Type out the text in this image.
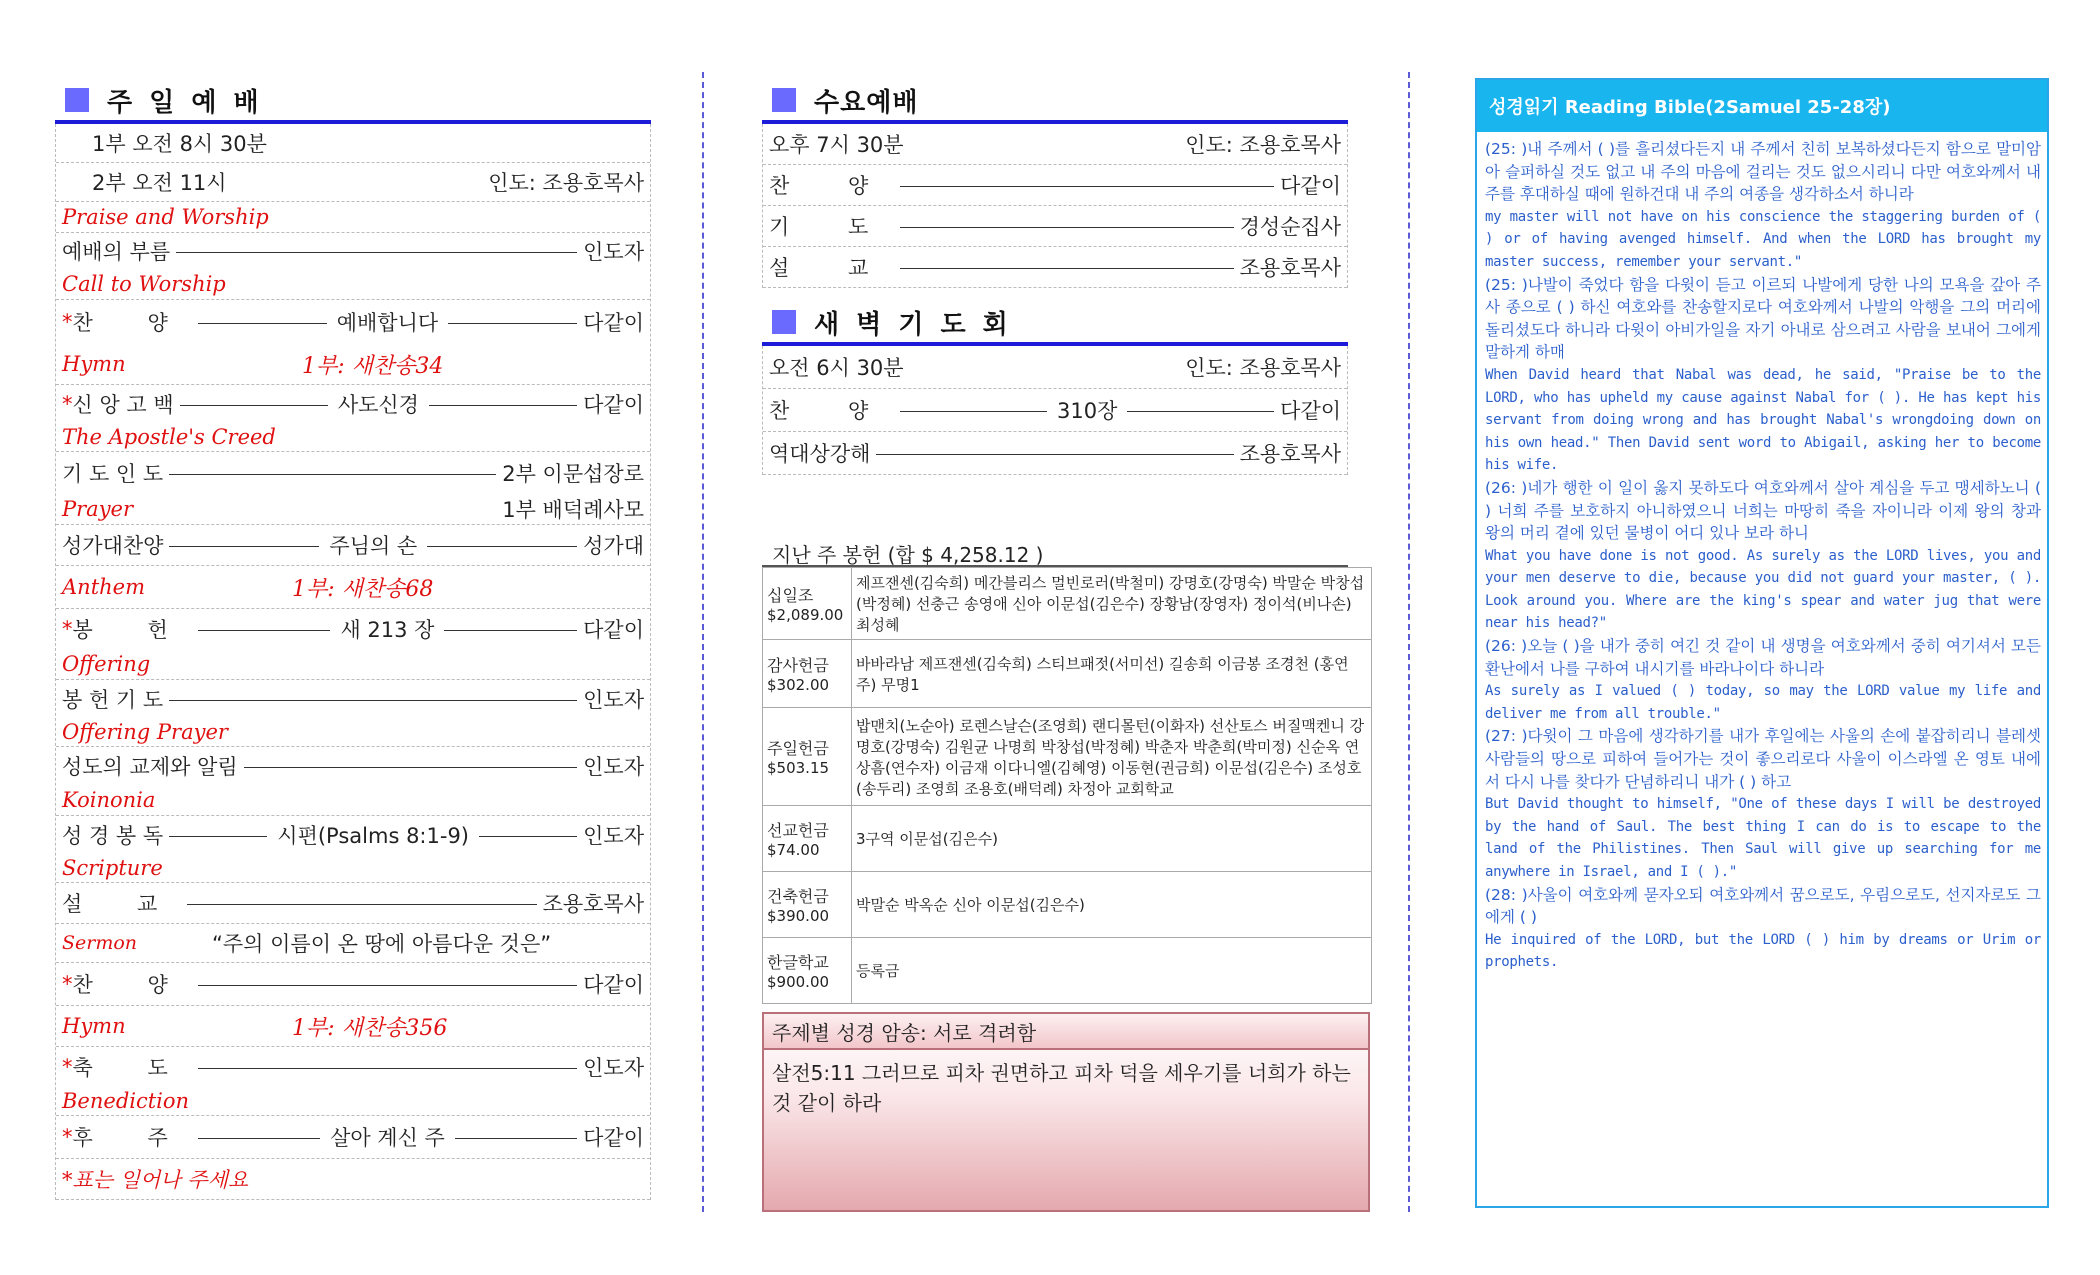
주 일 예 배
1부 오전 8시 30분
2부 오전 11시	인도: 조용호목사
Praise and Worship
예배의 부름	인도자
Call to Worship
* 찬 양	예배합니다	다같이
Hymn	1부: 새찬송34
* 신 앙 고 백	사도신경	다같이
The Apostle's Creed
기 도 인 도	2부 이문섭장로
Prayer	1부 배덕례사모
성가대찬양	주님의 손	성가대
Anthem	1부: 새찬송68
* 봉 헌	새 213 장	다같이
Offering
봉 헌 기 도	인도자
Offering Prayer
성도의 교제와 알림	인도자
Koinonia
성 경 봉 독	시편(Psalms 8:1-9)	인도자
Scripture
설 교	조용호목사
Sermon	“주의 이름이 온 땅에 아름다운 것은”
* 찬 양	다같이
Hymn	1부: 새찬송356
* 축 도	인도자
Benediction
* 후 주	살아 계신 주	다같이
*표는 일어나 주세요
수요예배
오후 7시 30분	인도: 조용호목사
찬 양	다같이
기 도	경성순집사
설 교	조용호목사
새 벽 기 도 회
오전 6시 30분	인도: 조용호목사
찬 양	310장	다같이
역대상강해	조용호목사
지난 주 봉헌 (합 $ 4,258.12 )
십일조
$2,089.00	제프잰센(김숙희) 메간블리스 멀빈로러(박철미) 강명호(강명숙) 박말순 박창섭(박정혜) 선충근 송영애 신아 이문섭(김은수) 장황남(장영자) 정이석(비나손) 최성혜

감사헌금
$302.00	바바라남 제프잰센(김숙희) 스티브패젓(서미선) 길송희 이금봉 조경천 (홍연주) 무명1

주일헌금
$503.15	밥맨치(노순아) 로렌스날슨(조영희) 랜디몰턴(이화자) 선산토스 버질맥켄니 강명호(강명숙) 김원균 나명희 박창섭(박정혜) 박춘자 박춘희(박미정) 신순옥 연상흠(연수자) 이금재 이다니엘(김혜영) 이동현(권금희) 이문섭(김은수) 조성호(송두리) 조영희 조용호(배덕례) 차정아 교회학교

선교헌금
$74.00	3구역 이문섭(김은수)

건축헌금
$390.00	박말순 박옥순 신아 이문섭(김은수)

한글학교
$900.00	등록금
주제별 성경 암송: 서로 격려함
살전5:11 그러므로 피차 권면하고 피차 덕을 세우기를 너희가 하는 것 같이 하라
성경읽기 Reading Bible(2Samuel 25-28장)

(25: )내 주께서 ( )를 흘리셨다든지 내 주께서 친히 보복하셨다든지 함으로 말미암아 슬퍼하실 것도 없고 내 주의 마음에 걸리는 것도 없으시리니 다만 여호와께서 내 주를 후대하실 때에 원하건대 내 주의 여종을 생각하소서 하니라

my master will not have on his conscience the staggering burden of ( ) or of having avenged himself. And when the LORD has brought my master success, remember your servant."

(25: )나발이 죽었다 함을 다윗이 듣고 이르되 나발에게 당한 나의 모욕을 갚아 주사 종으로 ( ) 하신 여호와를 찬송할지로다 여호와께서 나발의 악행을 그의 머리에 돌리셨도다 하니라 다윗이 아비가일을 자기 아내로 삼으려고 사람을 보내어 그에게 말하게 하매

When David heard that Nabal was dead, he said, "Praise be to the LORD, who has upheld my cause against Nabal for ( ). He has kept his servant from doing wrong and has brought Nabal's wrongdoing down on his own head." Then David sent word to Abigail, asking her to become his wife.

(26: )네가 행한 이 일이 옳지 못하도다 여호와께서 살아 계심을 두고 맹세하노니 ( ) 너희 주를 보호하지 아니하였으니 너희는 마땅히 죽을 자이니라 이제 왕의 창과 왕의 머리 곁에 있던 물병이 어디 있나 보라 하니

What you have done is not good. As surely as the LORD lives, you and your men deserve to die, because you did not guard your master, ( ). Look around you. Where are the king's spear and water jug that were near his head?"

(26: )오늘 ( )을 내가 중히 여긴 것 같이 내 생명을 여호와께서 중히 여기셔서 모든 환난에서 나를 구하여 내시기를 바라나이다 하니라

As surely as I valued ( ) today, so may the LORD value my life and deliver me from all trouble."

(27: )다윗이 그 마음에 생각하기를 내가 후일에는 사울의 손에 붙잡히리니 블레셋 사람들의 땅으로 피하여 들어가는 것이 좋으리로다 사울이 이스라엘 온 영토 내에서 다시 나를 찾다가 단념하리니 내가 ( ) 하고

But David thought to himself, "One of these days I will be destroyed by the hand of Saul. The best thing I can do is to escape to the land of the Philistines. Then Saul will give up searching for me anywhere in Israel, and I ( )."

(28: )사울이 여호와께 묻자오되 여호와께서 꿈으로도, 우림으로도, 선지자로도 그에게 ( )

He inquired of the LORD, but the LORD ( ) him by dreams or Urim or prophets.
